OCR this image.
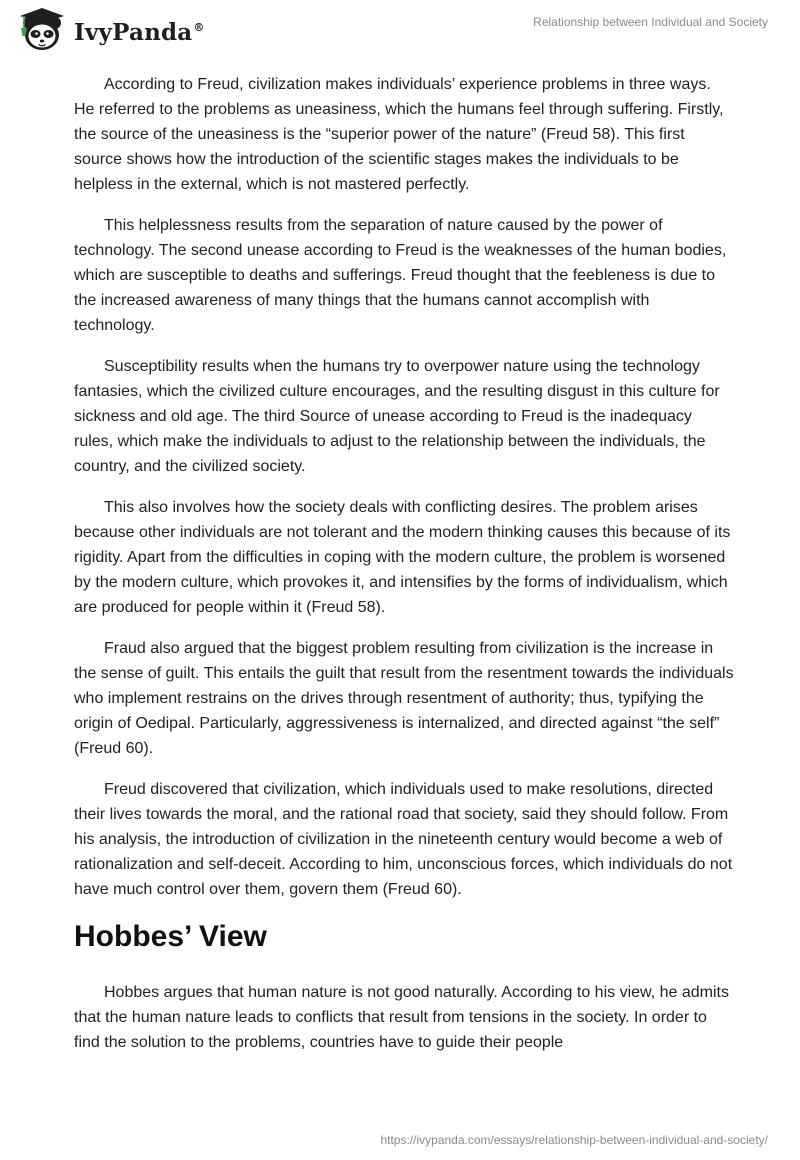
IvyPanda®	Relationship between Individual and Society

According to Freud, civilization makes individuals’ experience problems in three ways. He referred to the problems as uneasiness, which the humans feel through suffering. Firstly, the source of the uneasiness is the “superior power of the nature” (Freud 58). This first source shows how the introduction of the scientific stages makes the individuals to be helpless in the external, which is not mastered perfectly.

This helplessness results from the separation of nature caused by the power of technology. The second unease according to Freud is the weaknesses of the human bodies, which are susceptible to deaths and sufferings. Freud thought that the feebleness is due to the increased awareness of many things that the humans cannot accomplish with technology.

Susceptibility results when the humans try to overpower nature using the technology fantasies, which the civilized culture encourages, and the resulting disgust in this culture for sickness and old age. The third Source of unease according to Freud is the inadequacy rules, which make the individuals to adjust to the relationship between the individuals, the country, and the civilized society.

This also involves how the society deals with conflicting desires. The problem arises because other individuals are not tolerant and the modern thinking causes this because of its rigidity. Apart from the difficulties in coping with the modern culture, the problem is worsened by the modern culture, which provokes it, and intensifies by the forms of individualism, which are produced for people within it (Freud 58).

Fraud also argued that the biggest problem resulting from civilization is the increase in the sense of guilt. This entails the guilt that result from the resentment towards the individuals who implement restrains on the drives through resentment of authority; thus, typifying the origin of Oedipal. Particularly, aggressiveness is internalized, and directed against “the self” (Freud 60).

Freud discovered that civilization, which individuals used to make resolutions, directed their lives towards the moral, and the rational road that society, said they should follow. From his analysis, the introduction of civilization in the nineteenth century would become a web of rationalization and self-deceit. According to him, unconscious forces, which individuals do not have much control over them, govern them (Freud 60).

Hobbes’ View

Hobbes argues that human nature is not good naturally. According to his view, he admits that the human nature leads to conflicts that result from tensions in the society. In order to find the solution to the problems, countries have to guide their people

https://ivypanda.com/essays/relationship-between-individual-and-society/
